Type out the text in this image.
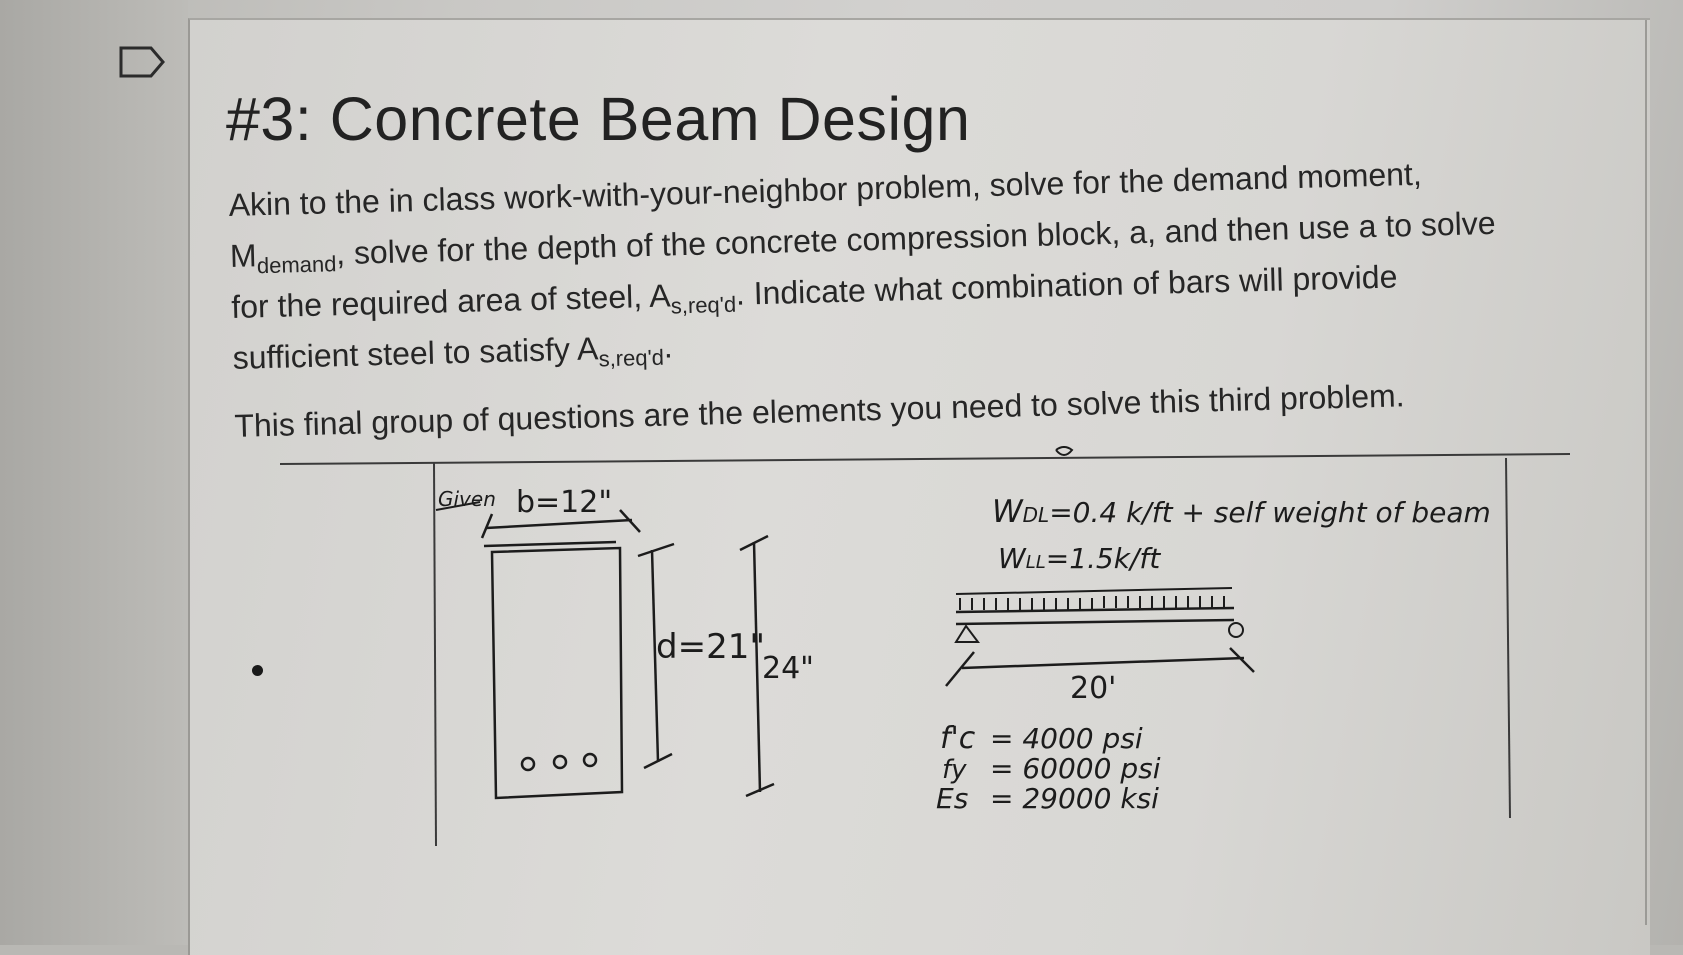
#3: Concrete Beam Design

Akin to the in class work-with-your-neighbor problem, solve for the demand moment,
$M_{demand}$, solve for the depth of the concrete compression block, a, and then use a to solve
for the required area of steel, $A_{s,req'd}$. Indicate what combination of bars will provide
sufficient steel to satisfy $A_{s,req'd}$.

This final group of questions are the elements you need to solve this third problem.

Given b=12"
d=21"
24"
WDL=0.4 k/ft + self weight of beam
WLL=1.5k/ft
20'
f'c = 4000 psi
fy = 60000 psi
Es = 29000 ksi
